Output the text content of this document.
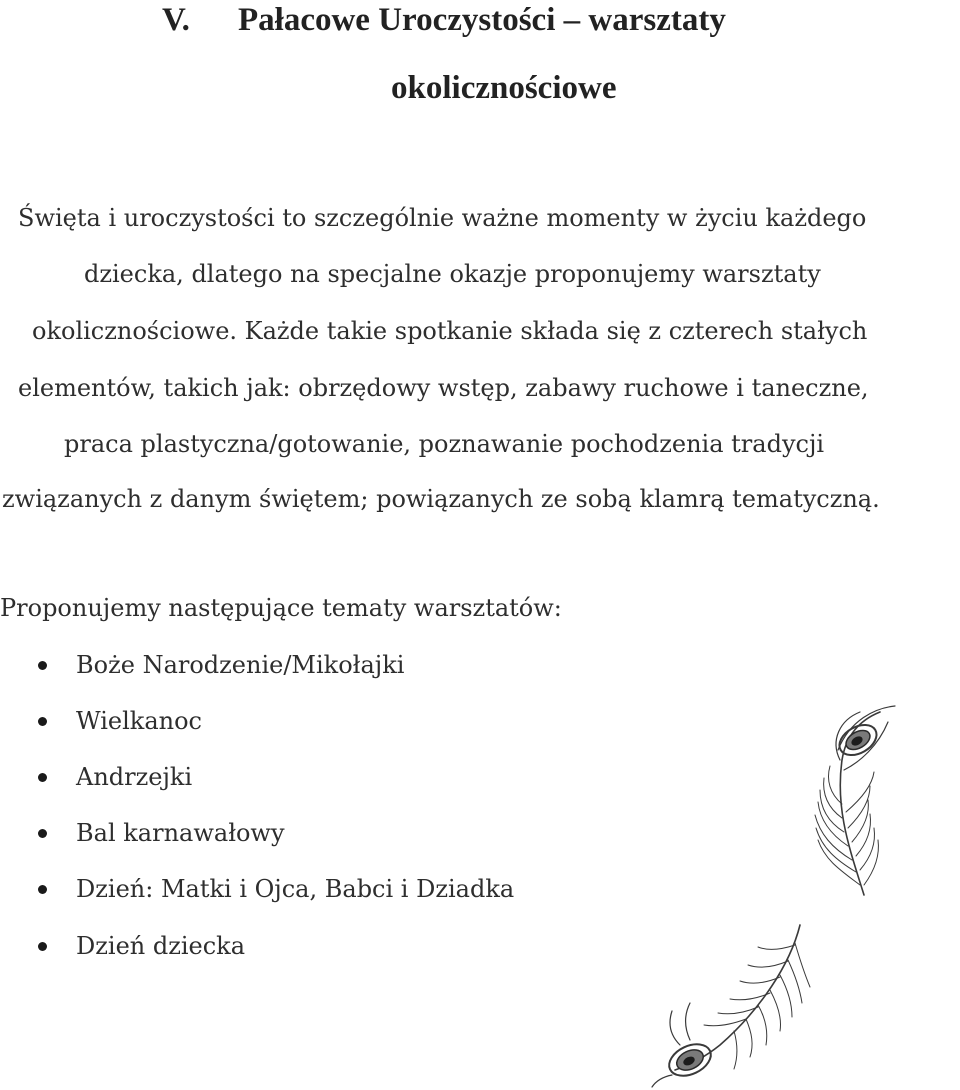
V. Pałacowe Uroczystości – warsztaty
okolicznościowe
Święta i uroczystości to szczególnie ważne momenty w życiu każdego
dziecka, dlatego na specjalne okazje proponujemy warsztaty
okolicznościowe. Każde takie spotkanie składa się z czterech stałych
elementów, takich jak: obrzędowy wstęp, zabawy ruchowe i taneczne,
praca plastyczna/gotowanie, poznawanie pochodzenia tradycji
związanych z danym świętem; powiązanych ze sobą klamrą tematyczną.
Proponujemy następujące tematy warsztatów:
Boże Narodzenie/Mikołajki
Wielkanoc
Andrzejki
Bal karnawałowy
Dzień: Matki i Ojca, Babci i Dziadka
Dzień dziecka
